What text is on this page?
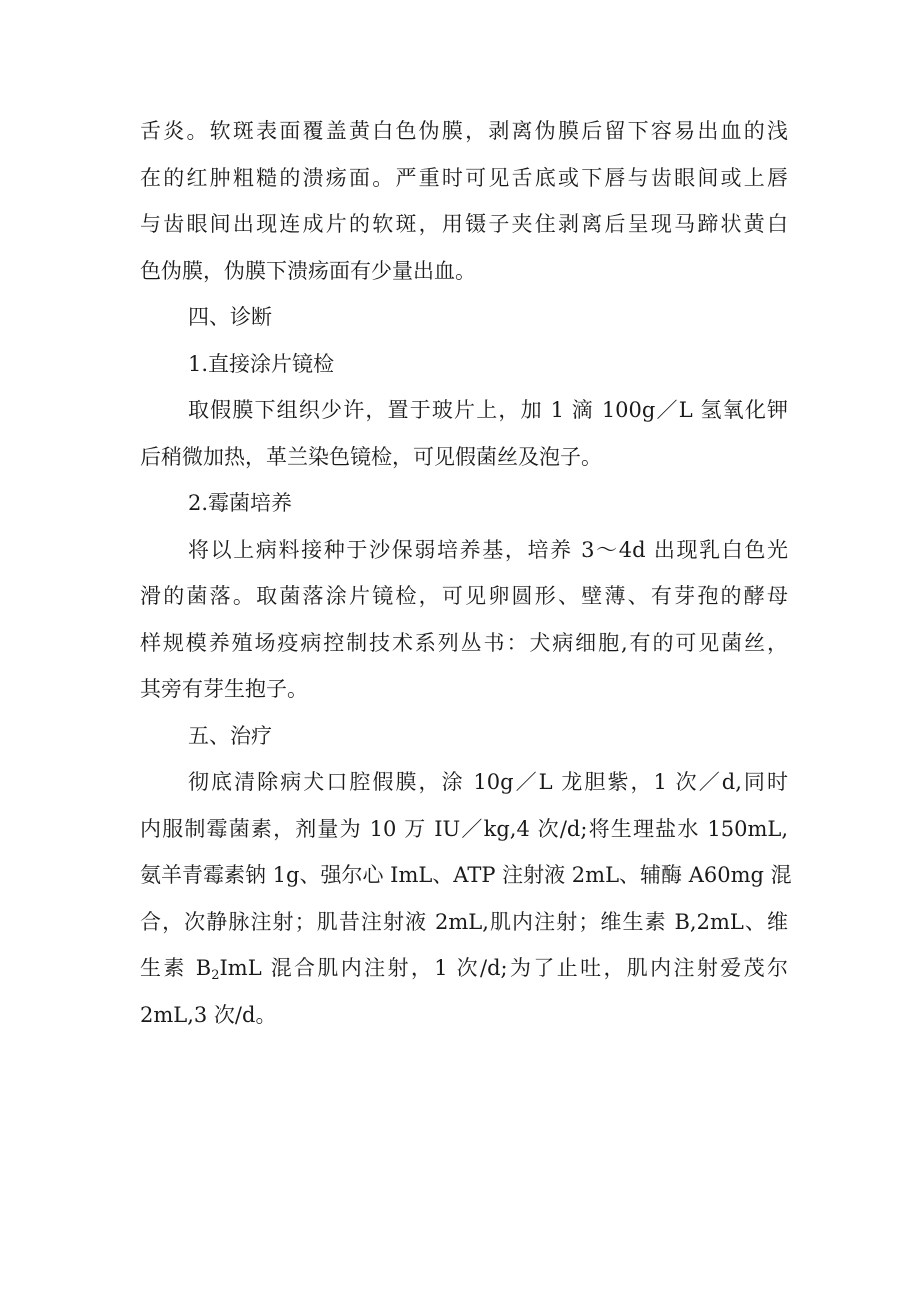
舌炎。软斑表面覆盖黄白色伪膜，剥离伪膜后留下容易出血的浅
在的红肿粗糙的溃疡面。严重时可见舌底或下唇与齿眼间或上唇
与齿眼间出现连成片的软斑，用镊子夹住剥离后呈现马蹄状黄白
色伪膜，伪膜下溃疡面有少量出血。
四、诊断
1.直接涂片镜检
取假膜下组织少许，置于玻片上，加 1 滴 100g／L 氢氧化钾
后稍微加热，革兰染色镜检，可见假菌丝及泡子。
2.霉菌培养
将以上病料接种于沙保弱培养基，培养 3～4d 出现乳白色光
滑的菌落。取菌落涂片镜检，可见卵圆形、壁薄、有芽孢的酵母
样规模养殖场疫病控制技术系列丛书：犬病细胞,有的可见菌丝，
其旁有芽生抱子。
五、治疗
彻底清除病犬口腔假膜，涂 10g／L 龙胆紫，1 次／d,同时
内服制霉菌素，剂量为 10 万 IU／kg,4 次/d;将生理盐水 150mL,
氨羊青霉素钠 1g、强尔心 ImL、ATP 注射液 2mL、辅酶 A60mg 混
合，次静脉注射；肌昔注射液 2mL,肌内注射；维生素 B,2mL、维
生素 $B_2ImL$ 混合肌内注射，1 次/d;为了止吐，肌内注射爱茂尔
2mL,3 次/d。
